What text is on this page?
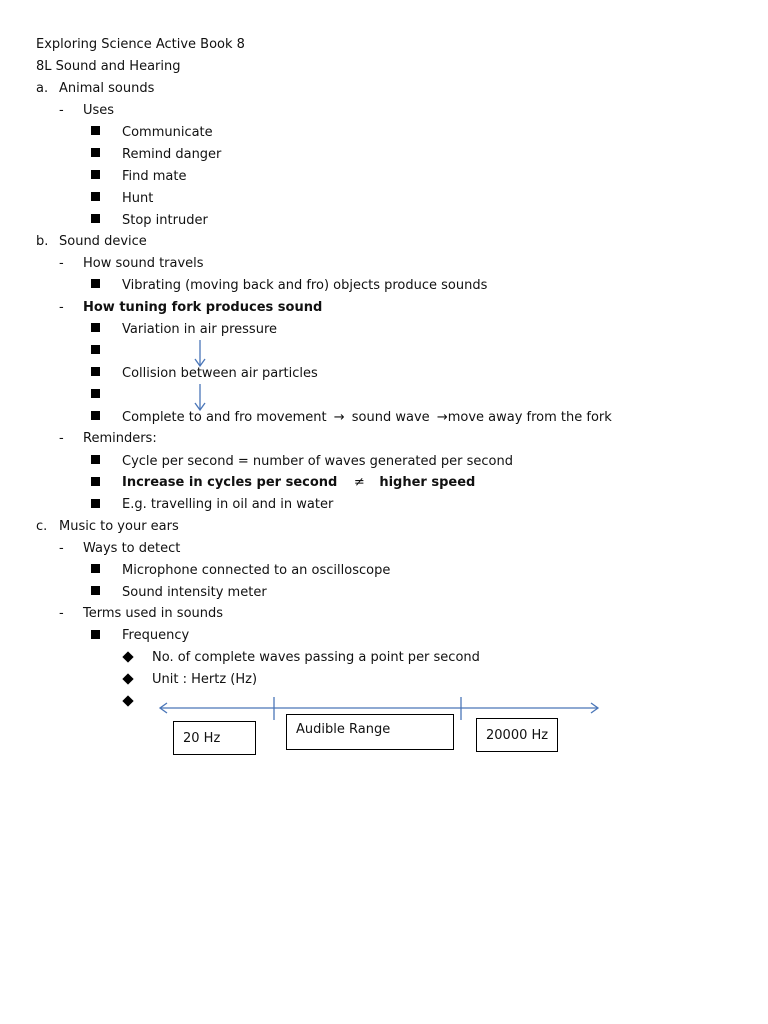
Exploring Science Active Book 8
8L Sound and Hearing
a. Animal sounds
- Uses
Communicate
Remind danger
Find mate
Hunt
Stop intruder
b. Sound device
- How sound travels
Vibrating (moving back and fro) objects produce sounds
- How tuning fork produces sound
Variation in air pressure
Collision between air particles
Complete to and fro movement → sound wave →move away from the fork
- Reminders:
Cycle per second = number of waves generated per second
Increase in cycles per second ≠ higher speed
E.g. travelling in oil and in water
c. Music to your ears
- Ways to detect
Microphone connected to an oscilloscope
Sound intensity meter
- Terms used in sounds
Frequency
No. of complete waves passing a point per second
Unit : Hertz (Hz)
20 Hz
Audible Range	20000 Hz
